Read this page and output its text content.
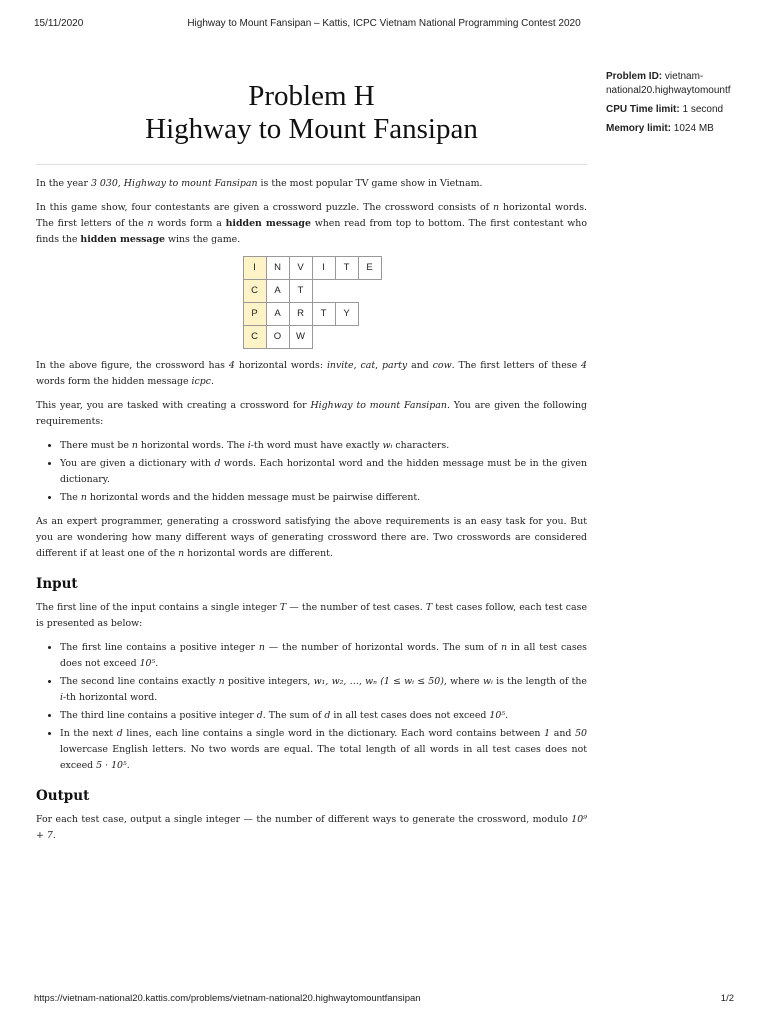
15/11/2020	Highway to Mount Fansipan – Kattis, ICPC Vietnam National Programming Contest 2020
Problem H
Highway to Mount Fansipan
Problem ID: vietnam-national20.highwaytomountf
CPU Time limit: 1 second
Memory limit: 1024 MB

In the year 3 030, Highway to mount Fansipan is the most popular TV game show in Vietnam.

In this game show, four contestants are given a crossword puzzle. The crossword consists of n horizontal words. The first letters of the n words form a hidden message when read from top to bottom. The first contestant who finds the hidden message wins the game.

I	N	V	I	T	E
C	A	T
P	A	R	T	Y
C	O	W

In the above figure, the crossword has 4 horizontal words: invite, cat, party and cow. The first letters of these 4 words form the hidden message icpc.

This year, you are tasked with creating a crossword for Highway to mount Fansipan. You are given the following requirements:

• There must be n horizontal words. The i-th word must have exactly wᵢ characters.
• You are given a dictionary with d words. Each horizontal word and the hidden message must be in the given dictionary.
• The n horizontal words and the hidden message must be pairwise different.

As an expert programmer, generating a crossword satisfying the above requirements is an easy task for you. But you are wondering how many different ways of generating crossword there are. Two crosswords are considered different if at least one of the n horizontal words are different.

Input

The first line of the input contains a single integer T — the number of test cases. T test cases follow, each test case is presented as below:

• The first line contains a positive integer n — the number of horizontal words. The sum of n in all test cases does not exceed 10⁵.
• The second line contains exactly n positive integers, w₁, w₂, …, wₙ (1 ≤ wᵢ ≤ 50), where wᵢ is the length of the i-th horizontal word.
• The third line contains a positive integer d. The sum of d in all test cases does not exceed 10⁵.
• In the next d lines, each line contains a single word in the dictionary. Each word contains between 1 and 50 lowercase English letters. No two words are equal. The total length of all words in all test cases does not exceed 5 · 10⁵.
Output

For each test case, output a single integer — the number of different ways to generate the crossword, modulo 10⁹ + 7.

https://vietnam-national20.kattis.com/problems/vietnam-national20.highwaytomountfansipan	1/2
